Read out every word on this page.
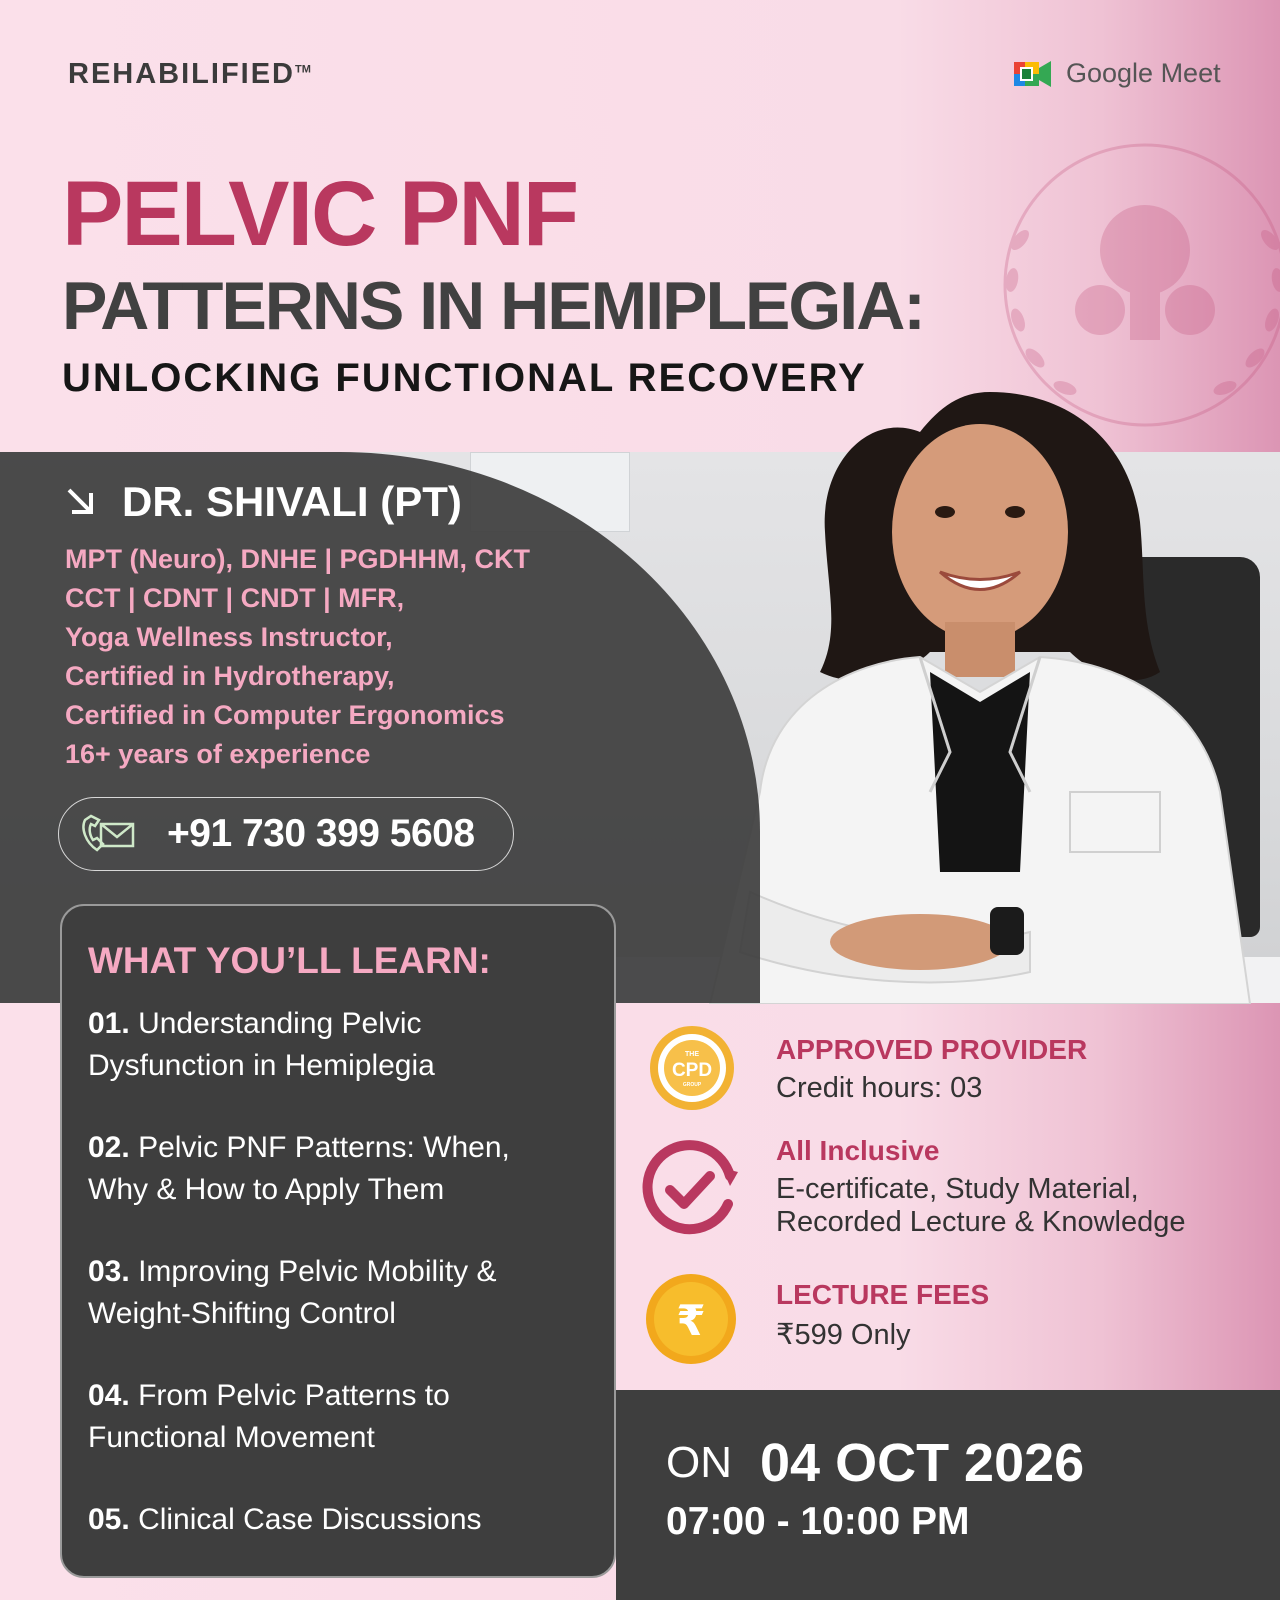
REHABILIFIED™	Google Meet
PELVIC PNF
PATTERNS IN HEMIPLEGIA:
UNLOCKING FUNCTIONAL RECOVERY
DR. SHIVALI (PT)
MPT (Neuro), DNHE | PGDHHM, CKT
CCT | CDNT | CNDT | MFR,
Yoga Wellness Instructor,
Certified in Hydrotherapy,
Certified in Computer Ergonomics
16+ years of experience
+91 730 399 5608
WHAT YOU’LL LEARN:
01. Understanding Pelvic
Dysfunction in Hemiplegia
02. Pelvic PNF Patterns: When,
Why & How to Apply Them
03. Improving Pelvic Mobility &
Weight-Shifting Control
04. From Pelvic Patterns to
Functional Movement
05. Clinical Case Discussions
THE
CPD
GROUP
APPROVED PROVIDER
Credit hours: 03
All Inclusive
E-certificate, Study Material,
Recorded Lecture & Knowledge
₹
LECTURE FEES
₹599 Only
ON 04 OCT 2026
07:00 - 10:00 PM
